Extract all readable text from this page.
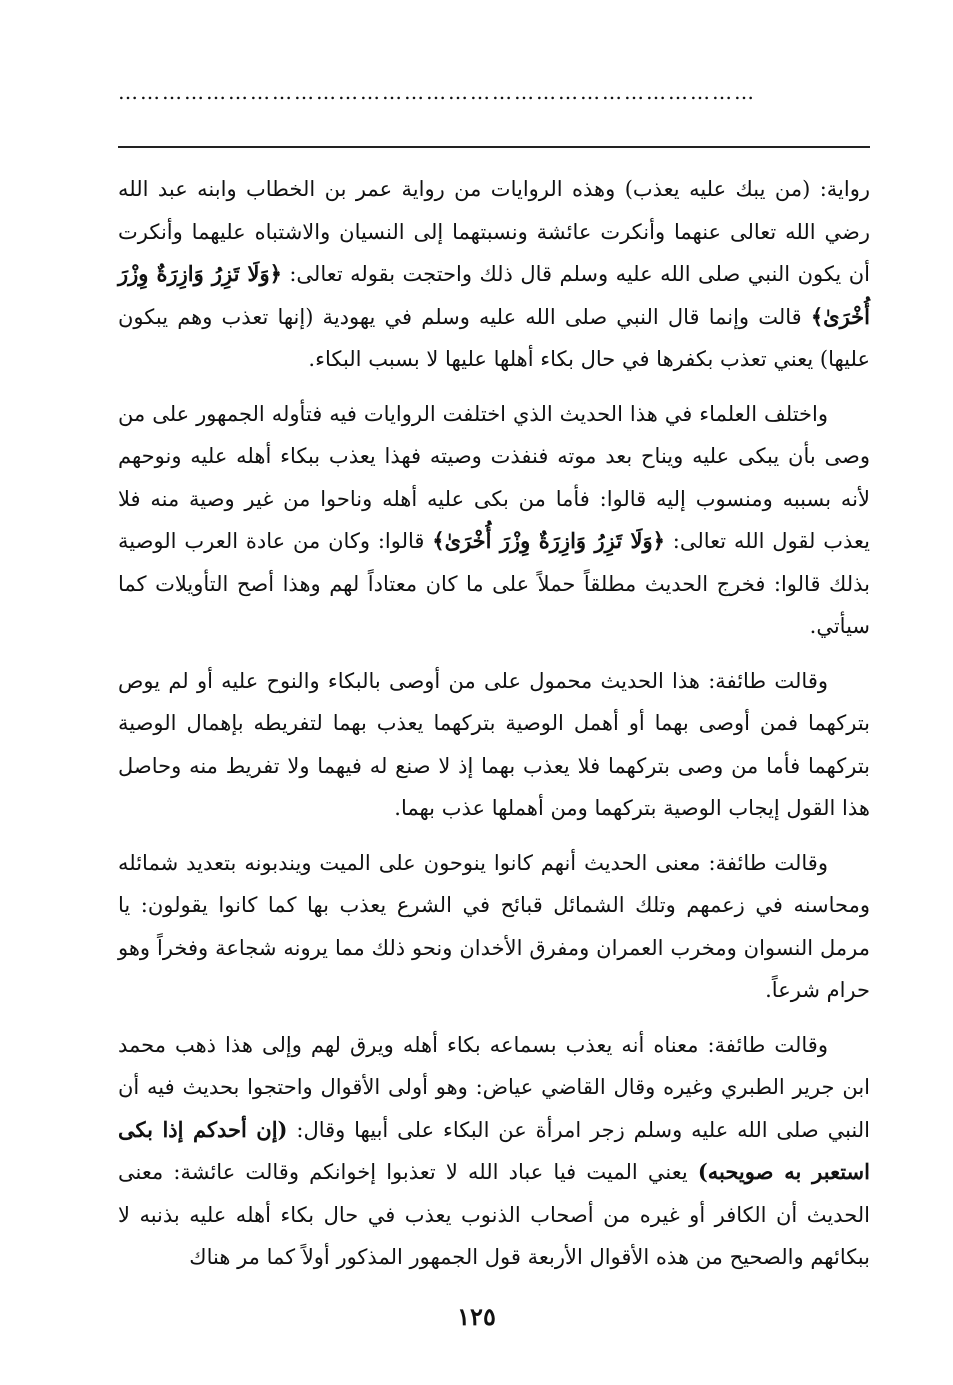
……………………………………………………………………………

رواية: (من يبك عليه يعذب) وهذه الروايات من رواية عمر بن الخطاب وابنه عبد الله رضي الله تعالى عنهما وأنكرت عائشة ونسبتهما إلى النسيان والاشتباه عليهما وأنكرت أن يكون النبي صلى الله عليه وسلم قال ذلك واحتجت بقوله تعالى: ﴿وَلَا تَزِرُ وَازِرَةٌ وِزْرَ أُخْرَىٰ﴾ قالت وإنما قال النبي صلى الله عليه وسلم في يهودية (إنها تعذب وهم يبكون عليها) يعني تعذب بكفرها في حال بكاء أهلها عليها لا بسبب البكاء.

واختلف العلماء في هذا الحديث الذي اختلفت الروايات فيه فتأوله الجمهور على من وصى بأن يبكى عليه ويناح بعد موته فنفذت وصيته فهذا يعذب ببكاء أهله عليه ونوحهم لأنه بسببه ومنسوب إليه قالوا: فأما من بكى عليه أهله وناحوا من غير وصية منه فلا يعذب لقول الله تعالى: ﴿وَلَا تَزِرُ وَازِرَةٌ وِزْرَ أُخْرَىٰ﴾ قالوا: وكان من عادة العرب الوصية بذلك قالوا: فخرج الحديث مطلقاً حملاً على ما كان معتاداً لهم وهذا أصح التأويلات كما سيأتي.

وقالت طائفة: هذا الحديث محمول على من أوصى بالبكاء والنوح عليه أو لم يوص بتركهما فمن أوصى بهما أو أهمل الوصية بتركهما يعذب بهما لتفريطه بإهمال الوصية بتركهما فأما من وصى بتركهما فلا يعذب بهما إذ لا صنع له فيهما ولا تفريط منه وحاصل هذا القول إيجاب الوصية بتركهما ومن أهملها عذب بهما.

وقالت طائفة: معنى الحديث أنهم كانوا ينوحون على الميت ويندبونه بتعديد شمائله ومحاسنه في زعمهم وتلك الشمائل قبائح في الشرع يعذب بها كما كانوا يقولون: يا مرمل النسوان ومخرب العمران ومفرق الأخدان ونحو ذلك مما يرونه شجاعة وفخراً وهو حرام شرعاً.

وقالت طائفة: معناه أنه يعذب بسماعه بكاء أهله ويرق لهم وإلى هذا ذهب محمد ابن جرير الطبري وغيره وقال القاضي عياض: وهو أولى الأقوال واحتجوا بحديث فيه أن النبي صلى الله عليه وسلم زجر امرأة عن البكاء على أبيها وقال: (إن أحدكم إذا بكى استعبر به صويحبه) يعني الميت فيا عباد الله لا تعذبوا إخوانكم وقالت عائشة: معنى الحديث أن الكافر أو غيره من أصحاب الذنوب يعذب في حال بكاء أهله عليه بذنبه لا ببكائهم والصحيح من هذه الأقوال الأربعة قول الجمهور المذكور أولاً كما مر هناك

١٢٥
